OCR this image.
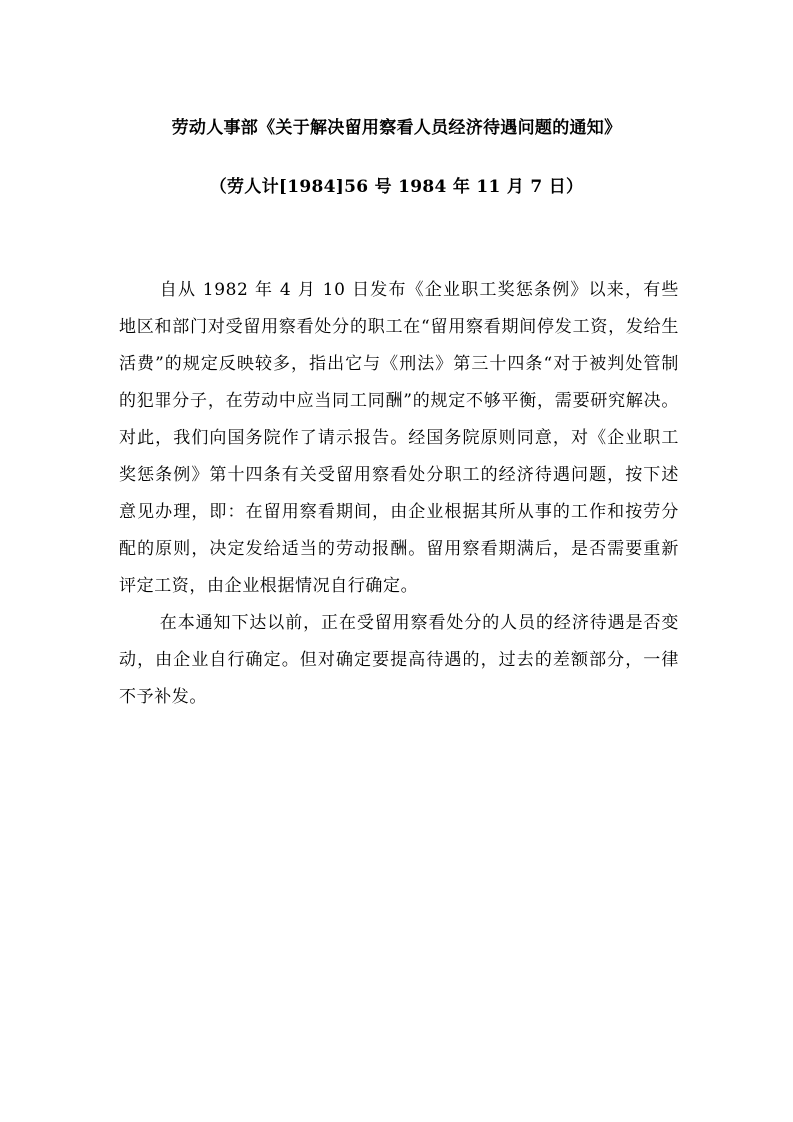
劳动人事部《关于解决留用察看人员经济待遇问题的通知》
（劳人计[1984]56 号 1984 年 11 月 7 日）

自从 1982 年 4 月 10 日发布《企业职工奖惩条例》以来，有些地区和部门对受留用察看处分的职工在“留用察看期间停发工资，发给生活费”的规定反映较多，指出它与《刑法》第三十四条“对于被判处管制的犯罪分子，在劳动中应当同工同酬”的规定不够平衡，需要研究解决。对此，我们向国务院作了请示报告。经国务院原则同意，对《企业职工奖惩条例》第十四条有关受留用察看处分职工的经济待遇问题，按下述意见办理，即：在留用察看期间，由企业根据其所从事的工作和按劳分配的原则，决定发给适当的劳动报酬。留用察看期满后，是否需要重新评定工资，由企业根据情况自行确定。

在本通知下达以前，正在受留用察看处分的人员的经济待遇是否变动，由企业自行确定。但对确定要提高待遇的，过去的差额部分，一律不予补发。
